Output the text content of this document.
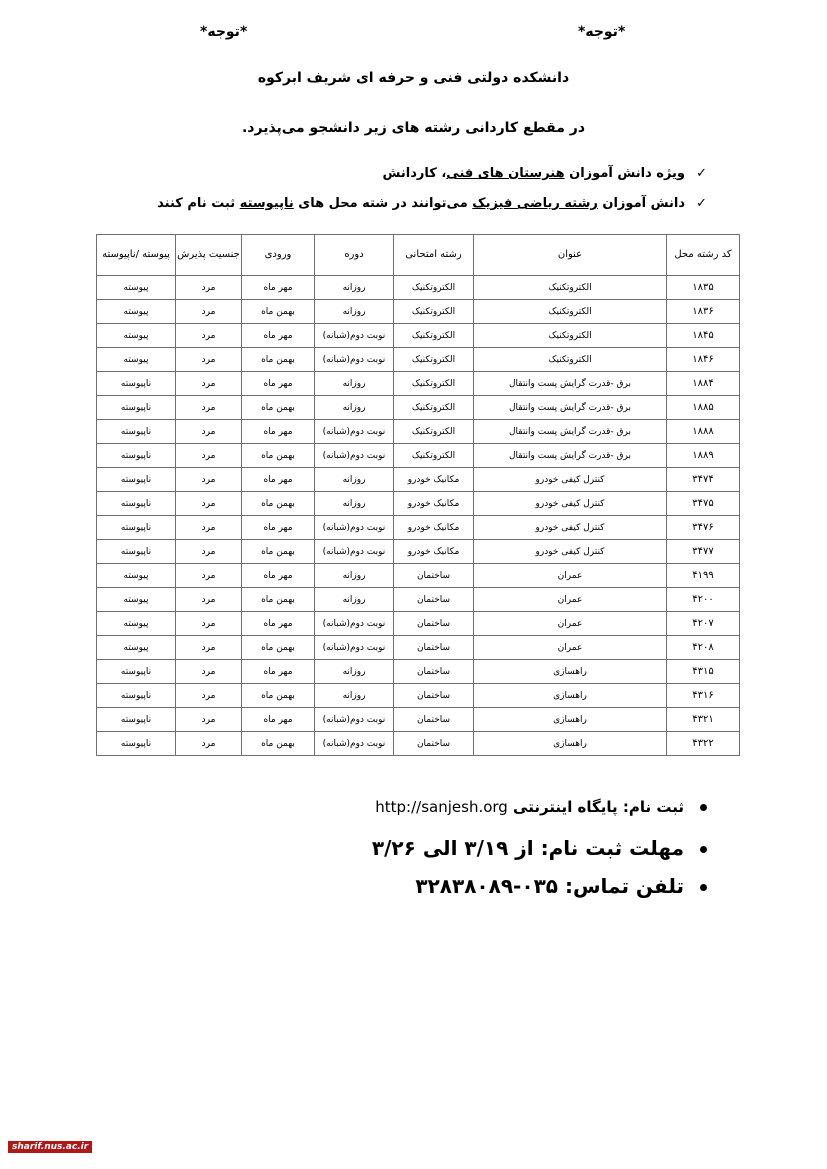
*توجه*	*توجه*
دانشکده دولتی فنی و حرفه ای شریف ابرکوه
در مقطع کاردانی رشته های زیر دانشجو می‌پذیرد.
✓ویژه دانش آموزان هنرستان های فنی، کاردانش
✓دانش آموزان رشته ریاضی فیزیک می‌توانند در شته محل های ناپیوسته ثبت نام کنند
کد رشته محل	عنوان	رشته امتحانی	دوره	ورودی	جنسیت پذیرش	پیوسته /ناپیوسته
۱۸۳۵	الکتروتکنیک	الکتروتکنیک	روزانه	مهر ماه	مرد	پیوسته
۱۸۳۶	الکتروتکنیک	الکتروتکنیک	روزانه	بهمن ماه	مرد	پیوسته
۱۸۴۵	الکتروتکنیک	الکتروتکنیک	نوبت دوم(شبانه)	مهر ماه	مرد	پیوسته
۱۸۴۶	الکتروتکنیک	الکتروتکنیک	نوبت دوم(شبانه)	بهمن ماه	مرد	پیوسته
۱۸۸۴	برق -قدرت گرایش پست وانتقال	الکتروتکنیک	روزانه	مهر ماه	مرد	ناپیوسته
۱۸۸۵	برق -قدرت گرایش پست وانتقال	الکتروتکنیک	روزانه	بهمن ماه	مرد	ناپیوسته
۱۸۸۸	برق -قدرت گرایش پست وانتقال	الکتروتکنیک	نوبت دوم(شبانه)	مهر ماه	مرد	ناپیوسته
۱۸۸۹	برق -قدرت گرایش پست وانتقال	الکتروتکنیک	نوبت دوم(شبانه)	بهمن ماه	مرد	ناپیوسته
۳۴۷۴	کنترل کیفی خودرو	مکانیک خودرو	روزانه	مهر ماه	مرد	ناپیوسته
۳۴۷۵	کنترل کیفی خودرو	مکانیک خودرو	روزانه	بهمن ماه	مرد	ناپیوسته
۳۴۷۶	کنترل کیفی خودرو	مکانیک خودرو	نوبت دوم(شبانه)	مهر ماه	مرد	ناپیوسته
۳۴۷۷	کنترل کیفی خودرو	مکانیک خودرو	نوبت دوم(شبانه)	بهمن ماه	مرد	ناپیوسته
۴۱۹۹	عمران	ساختمان	روزانه	مهر ماه	مرد	پیوسته
۴۲۰۰	عمران	ساختمان	روزانه	بهمن ماه	مرد	پیوسته
۴۲۰۷	عمران	ساختمان	نوبت دوم(شبانه)	مهر ماه	مرد	پیوسته
۴۲۰۸	عمران	ساختمان	نوبت دوم(شبانه)	بهمن ماه	مرد	پیوسته
۴۳۱۵	راهسازی	ساختمان	روزانه	مهر ماه	مرد	ناپیوسته
۴۳۱۶	راهسازی	ساختمان	روزانه	بهمن ماه	مرد	ناپیوسته
۴۳۲۱	راهسازی	ساختمان	نوبت دوم(شبانه)	مهر ماه	مرد	ناپیوسته
۴۳۲۲	راهسازی	ساختمان	نوبت دوم(شبانه)	بهمن ماه	مرد	ناپیوسته
ثبت نام: پایگاه اینترنتی http://sanjesh.org
مهلت ثبت نام: از ۳/۱۹ الی ۳/۲۶
تلفن تماس: ۰۳۵-۳۲۸۳۸۰۸۹
sharif.nus.ac.ir
